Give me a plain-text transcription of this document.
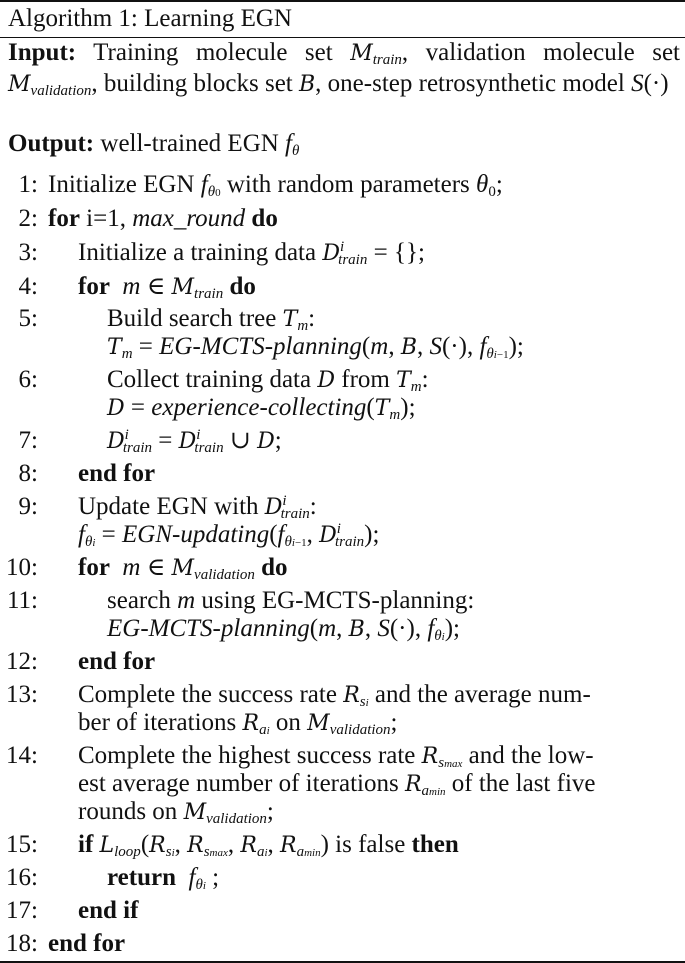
Algorithm 1: Learning EGN
Input: Training molecule set $M_{train}$, validation molecule set $M_{validation}$, building blocks set B, one-step retrosynthetic model S(·)
Output: well-trained EGN $f_\theta$
1: Initialize EGN $f_{\theta 0}$ with random parameters $\theta_0$;
2: for i=1, max_round do
3: Initialize a training data $D^i_{train}$ = {};
4: for m ∈ $M_{train}$ do
5:	Build search tree $T_m$:
$T_m$ = EG-MCTS-planning(m, B, S(·), $f_{\theta i-1}$);
6:	Collect training data D from $T_m$:
D = experience-$collecting(T_m)$;
7:	$D^i_{train} = D^i_{train}$ ∪ D;
8: end for
9: Update EGN with $D^i_{train}$:
$f_{\theta i}$ = EGN-$updating(f_{\theta i-1}$, $D^i_{train}$);
10: for m ∈ $M_{validation}$ do
11:	search m using EG-MCTS-planning:
EG-MCTS-planning(m, B, S(·), $f_{\theta i}$);
12: end for
13: Complete the success rate $R_{si}$ and the average num-
ber of iterations $R_{ai}$ on $M_{validation}$;
14: Complete the highest success rate $R_{smax}$ and the low-
est average number of iterations $R_{amin}$ of the last five
rounds on $M_{validation}$;
15: if $L_{loop}(R_{si}$, $R_{smax}$, $R_{ai}$, $R_{amin}$) is false then
16:	return $f_{\theta i}$ ;
17: end if
18: end for
